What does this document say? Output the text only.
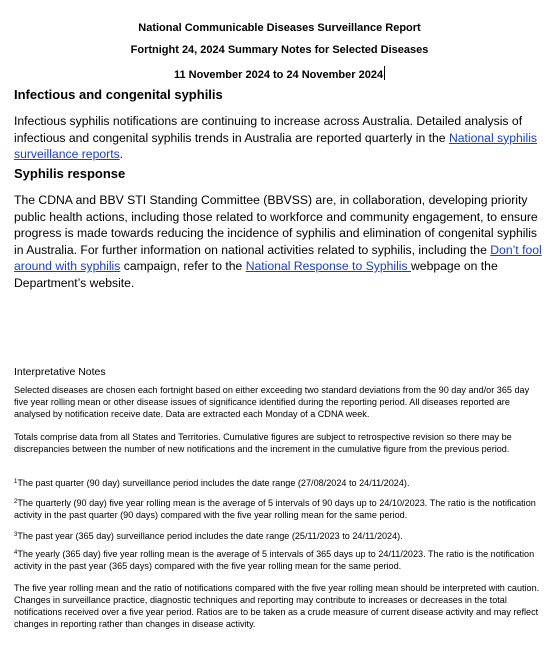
National Communicable Diseases Surveillance Report
Fortnight 24, 2024 Summary Notes for Selected Diseases
11 November 2024 to 24 November 2024
Infectious and congenital syphilis
Infectious syphilis notifications are continuing to increase across Australia. Detailed analysis of infectious and congenital syphilis trends in Australia are reported quarterly in the National syphilis surveillance reports.
Syphilis response
The CDNA and BBV STI Standing Committee (BBVSS) are, in collaboration, developing priority public health actions, including those related to workforce and community engagement, to ensure progress is made towards reducing the incidence of syphilis and elimination of congenital syphilis in Australia. For further information on national activities related to syphilis, including the Don’t fool around with syphilis campaign, refer to the National Response to Syphilis webpage on the Department’s website.
Interpretative Notes
Selected diseases are chosen each fortnight based on either exceeding two standard deviations from the 90 day and/or 365 day five year rolling mean or other disease issues of significance identified during the reporting period. All diseases reported are analysed by notification receive date. Data are extracted each Monday of a CDNA week.
Totals comprise data from all States and Territories. Cumulative figures are subject to retrospective revision so there may be discrepancies between the number of new notifications and the increment in the cumulative figure from the previous period.
$^1$The past quarter (90 day) surveillance period includes the date range (27/08/2024 to 24/11/2024).
$^2$The quarterly (90 day) five year rolling mean is the average of 5 intervals of 90 days up to 24/10/2023. The ratio is the notification activity in the past quarter (90 days) compared with the five year rolling mean for the same period.
$^3$The past year (365 day) surveillance period includes the date range (25/11/2023 to 24/11/2024).
$^4$The yearly (365 day) five year rolling mean is the average of 5 intervals of 365 days up to 24/11/2023. The ratio is the notification activity in the past year (365 days) compared with the five year rolling mean for the same period.
The five year rolling mean and the ratio of notifications compared with the five year rolling mean should be interpreted with caution. Changes in surveillance practice, diagnostic techniques and reporting may contribute to increases or decreases in the total notifications received over a five year period. Ratios are to be taken as a crude measure of current disease activity and may reflect changes in reporting rather than changes in disease activity.
